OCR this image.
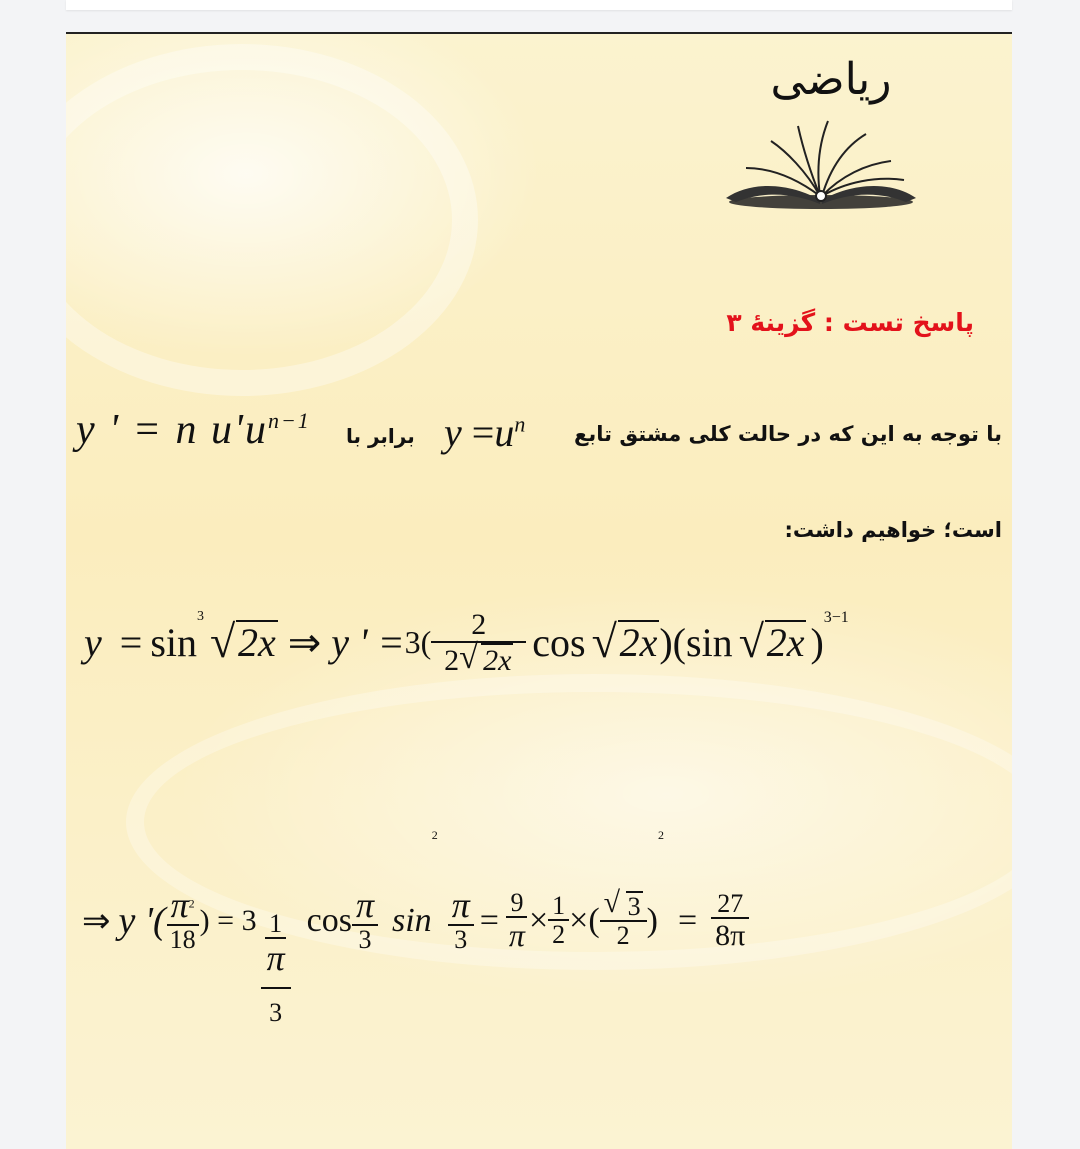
ریاضی
پاسخ تست : گزینهٔ ۳
با توجه به این که در حالت کلی مشتق تابع
$y =u^n$
برابر با
y ' = n $u'u^{n-1}$
است؛ خواهیم داشت:
y = sin
$^3$ √ 2x ⇒ y ' = $3( \frac{2}{2 √ 2x}$ cos √ 2x )(sin √ 2x )
$^{3-1}$
⇒ y '( $\frac{\pi^2}{18}$ ) = 3 1
π
3 $\cos \frac{\pi}{3}$ sin
2
$\frac{\pi}{3} = \frac{9}{\pi} \times \frac{1}{2}$ × ( $\frac{√ 3}{2}$ )
2
= $\frac{27}{8\pi}$
